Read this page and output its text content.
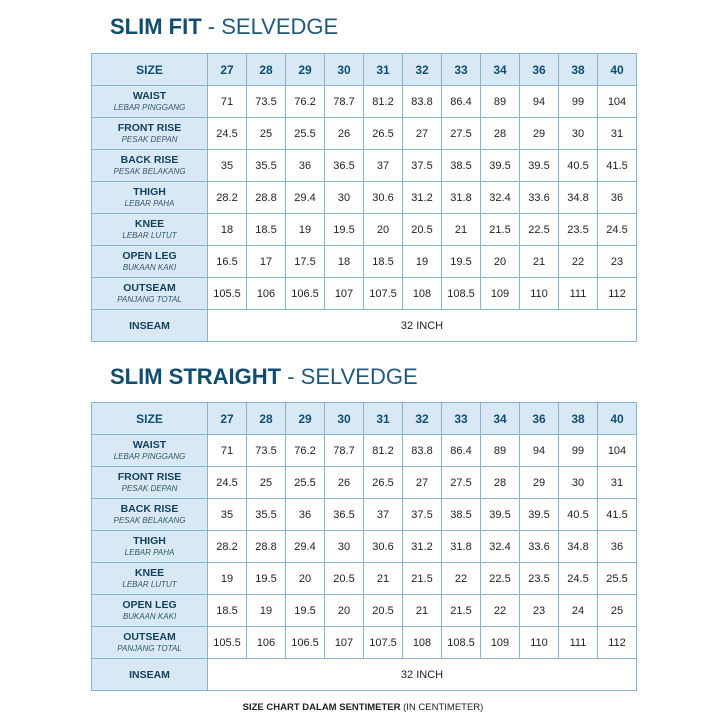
SLIM FIT - SELVEDGE
SIZE	27	28	29	30	31	32	33	34	36	38	40

WAIST
LEBAR PINGGANG	71	73.5	76.2	78.7	81.2	83.8	86.4	89	94	99	104

FRONT RISE
PESAK DEPAN	24.5	25	25.5	26	26.5	27	27.5	28	29	30	31

BACK RISE
PESAK BELAKANG	35	35.5	36	36.5	37	37.5	38.5	39.5	39.5	40.5	41.5

THIGH
LEBAR PAHA	28.2	28.8	29.4	30	30.6	31.2	31.8	32.4	33.6	34.8	36

KNEE
LEBAR LUTUT	18	18.5	19	19.5	20	20.5	21	21.5	22.5	23.5	24.5

OPEN LEG
BUKAAN KAKI	16.5	17	17.5	18	18.5	19	19.5	20	21	22	23

OUTSEAM
PANJANG TOTAL	105.5	106	106.5	107	107.5	108	108.5	109	110	111	112
INSEAM	32 INCH										
SLIM STRAIGHT - SELVEDGE
SIZE	27	28	29	30	31	32	33	34	36	38	40

WAIST
LEBAR PINGGANG	71	73.5	76.2	78.7	81.2	83.8	86.4	89	94	99	104

FRONT RISE
PESAK DEPAN	24.5	25	25.5	26	26.5	27	27.5	28	29	30	31

BACK RISE
PESAK BELAKANG	35	35.5	36	36.5	37	37.5	38.5	39.5	39.5	40.5	41.5

THIGH
LEBAR PAHA	28.2	28.8	29.4	30	30.6	31.2	31.8	32.4	33.6	34.8	36

KNEE
LEBAR LUTUT	19	19.5	20	20.5	21	21.5	22	22.5	23.5	24.5	25.5

OPEN LEG
BUKAAN KAKI	18.5	19	19.5	20	20.5	21	21.5	22	23	24	25

OUTSEAM
PANJANG TOTAL	105.5	106	106.5	107	107.5	108	108.5	109	110	111	112
INSEAM	32 INCH										
SIZE CHART DALAM SENTIMETER (IN CENTIMETER)
